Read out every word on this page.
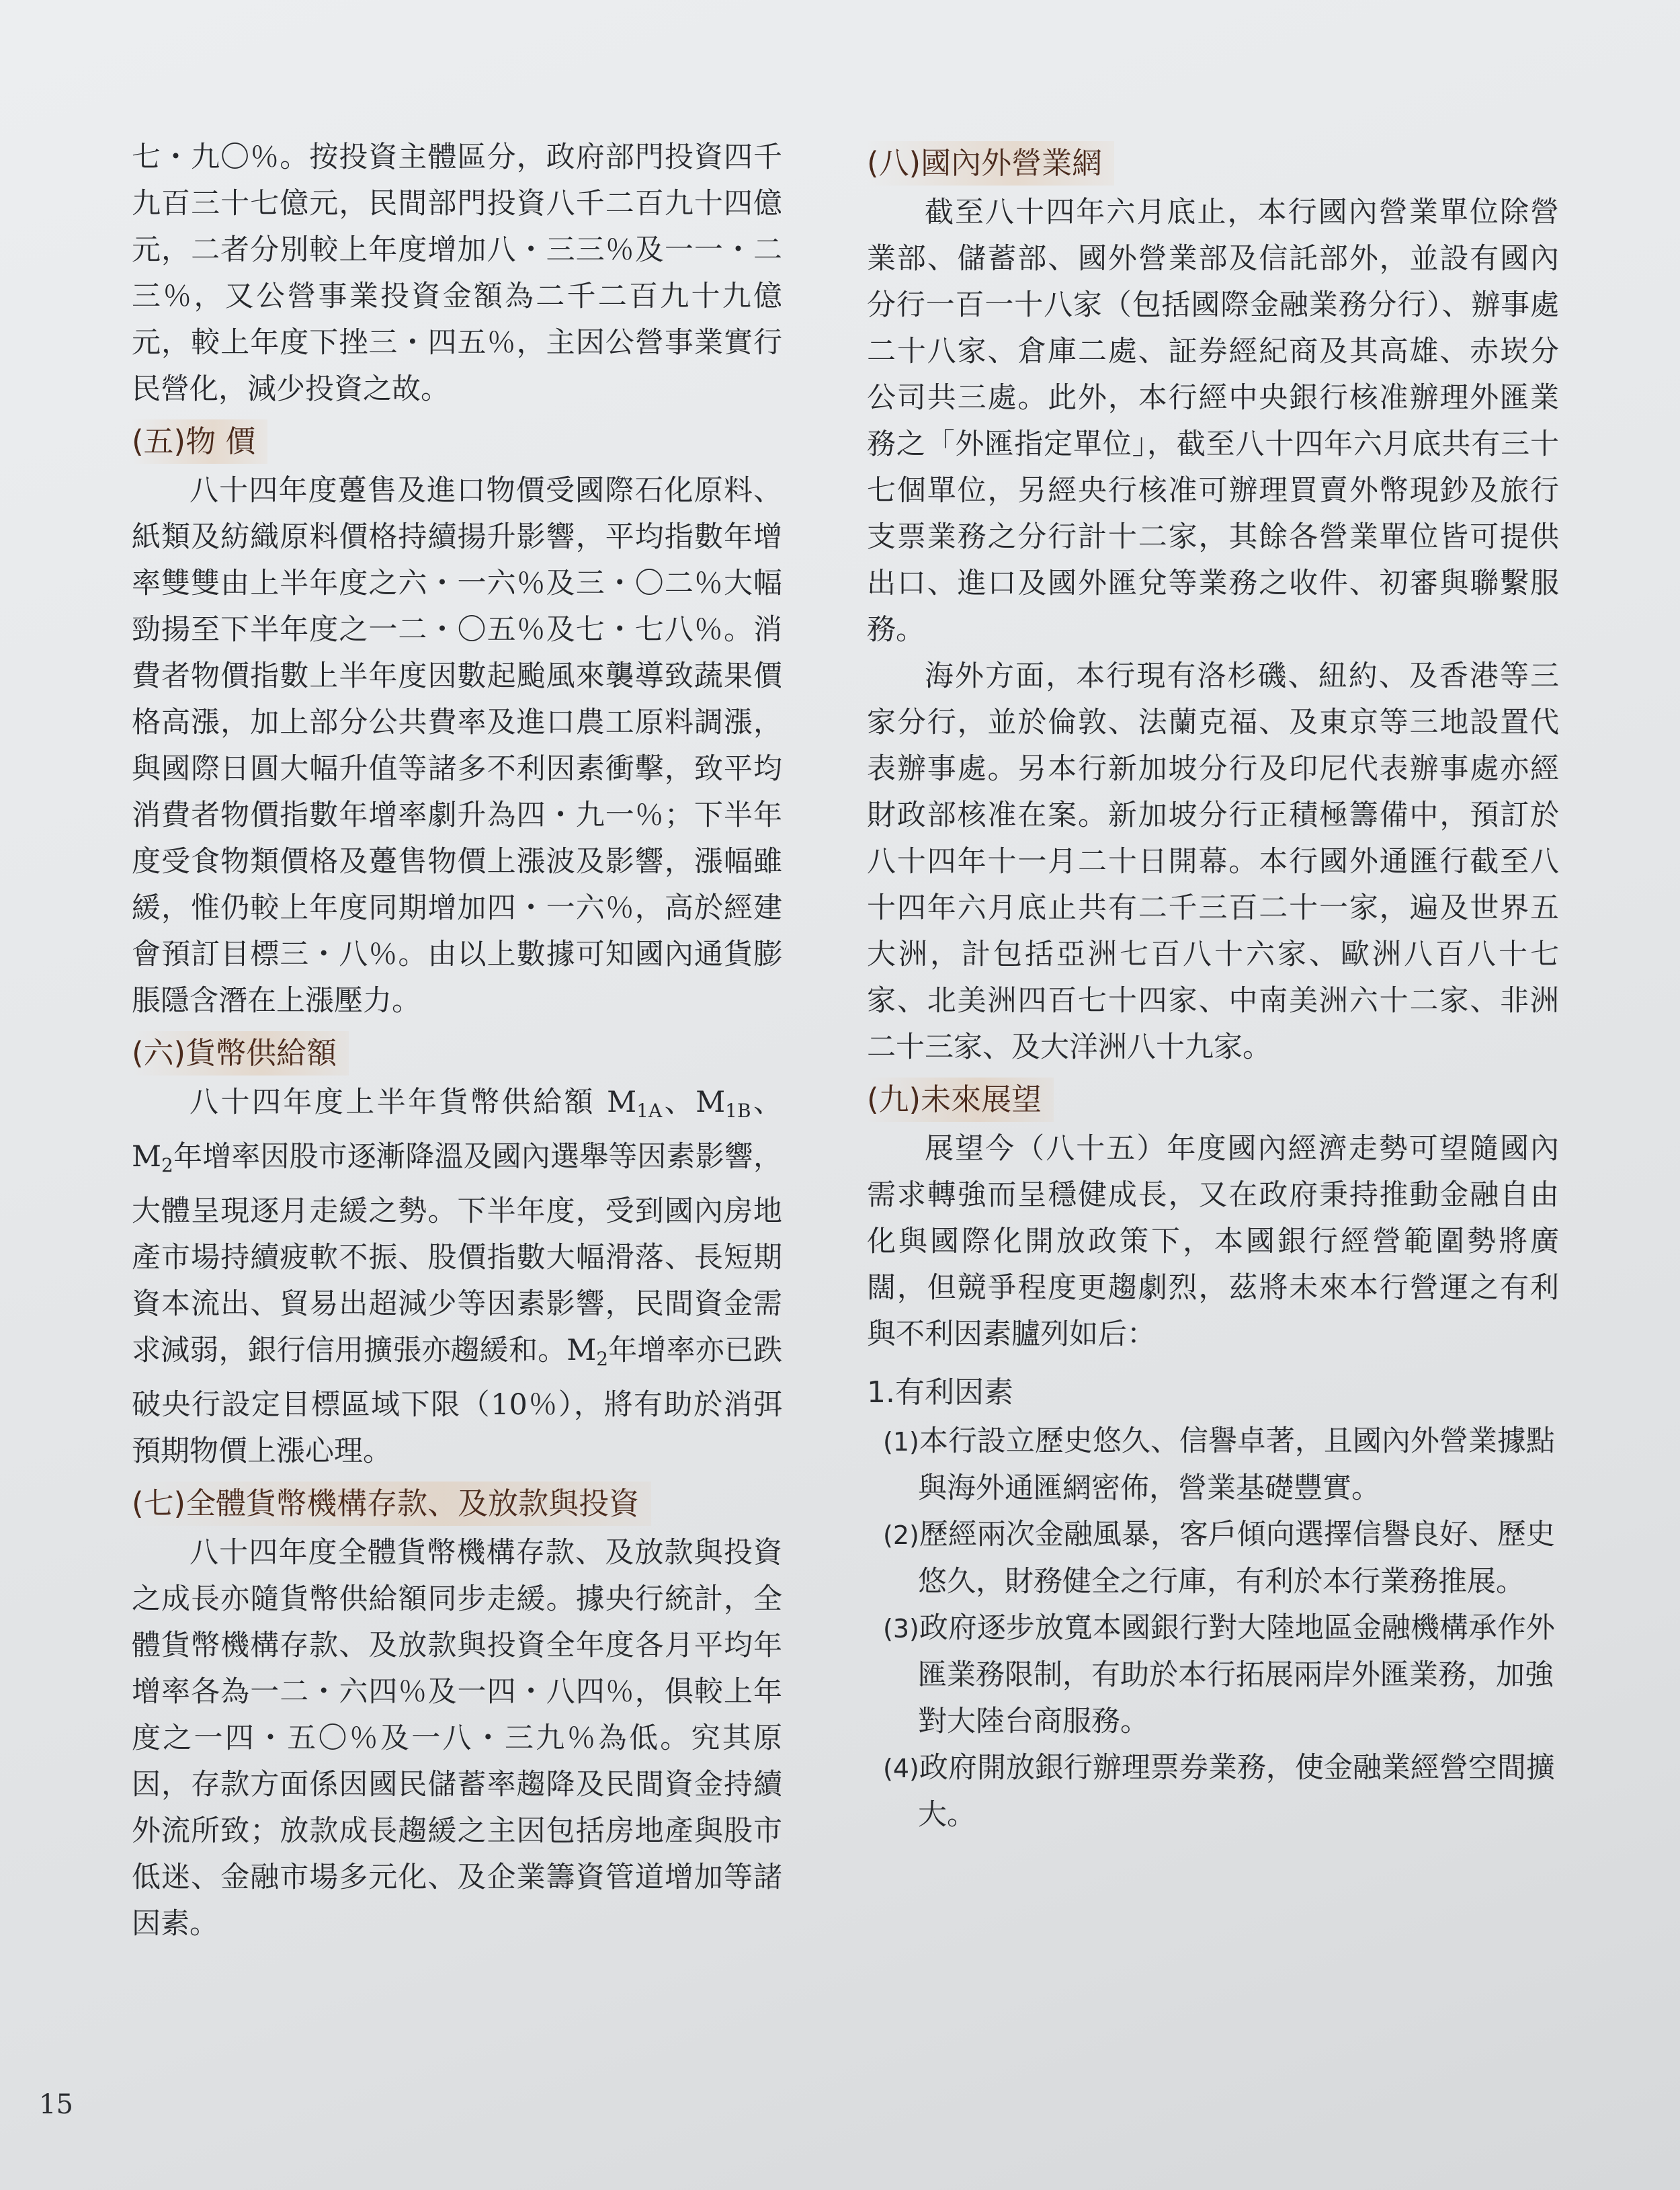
七・九〇％。按投資主體區分，政府部門投資四千九百三十七億元，民間部門投資八千二百九十四億元，二者分別較上年度增加八・三三％及一一・二三％，又公營事業投資金額為二千二百九十九億元，較上年度下挫三・四五％，主因公營事業實行民營化，減少投資之故。

(五)物 價

八十四年度躉售及進口物價受國際石化原料、紙類及紡織原料價格持續揚升影響，平均指數年增率雙雙由上半年度之六・一六％及三・〇二％大幅勁揚至下半年度之一二・〇五％及七・七八％。消費者物價指數上半年度因數起颱風來襲導致蔬果價格高漲，加上部分公共費率及進口農工原料調漲，與國際日圓大幅升值等諸多不利因素衝擊，致平均消費者物價指數年增率劇升為四・九一％；下半年度受食物類價格及躉售物價上漲波及影響，漲幅雖緩，惟仍較上年度同期增加四・一六％，高於經建會預訂目標三・八％。由以上數據可知國內通貨膨脹隱含潛在上漲壓力。

(六)貨幣供給額

八十四年度上半年貨幣供給額 $M_{1A}$、$M_{1B}$、$M_2$年增率因股市逐漸降溫及國內選舉等因素影響，大體呈現逐月走緩之勢。下半年度，受到國內房地產市場持續疲軟不振、股價指數大幅滑落、長短期資本流出、貿易出超減少等因素影響，民間資金需求減弱，銀行信用擴張亦趨緩和。$M_2$年增率亦已跌破央行設定目標區域下限（10％），將有助於消弭預期物價上漲心理。

(七)全體貨幣機構存款、及放款與投資

八十四年度全體貨幣機構存款、及放款與投資之成長亦隨貨幣供給額同步走緩。據央行統計，全體貨幣機構存款、及放款與投資全年度各月平均年增率各為一二・六四％及一四・八四％，俱較上年度之一四・五〇％及一八・三九％為低。究其原因，存款方面係因國民儲蓄率趨降及民間資金持續外流所致；放款成長趨緩之主因包括房地產與股市低迷、金融市場多元化、及企業籌資管道增加等諸因素。

(八)國內外營業網

截至八十四年六月底止，本行國內營業單位除營業部、儲蓄部、國外營業部及信託部外，並設有國內分行一百一十八家（包括國際金融業務分行）、辦事處二十八家、倉庫二處、証券經紀商及其高雄、赤崁分公司共三處。此外，本行經中央銀行核准辦理外匯業務之「外匯指定單位」，截至八十四年六月底共有三十七個單位，另經央行核准可辦理買賣外幣現鈔及旅行支票業務之分行計十二家，其餘各營業單位皆可提供出口、進口及國外匯兌等業務之收件、初審與聯繫服務。

海外方面，本行現有洛杉磯、紐約、及香港等三家分行，並於倫敦、法蘭克福、及東京等三地設置代表辦事處。另本行新加坡分行及印尼代表辦事處亦經財政部核准在案。新加坡分行正積極籌備中，預訂於八十四年十一月二十日開幕。本行國外通匯行截至八十四年六月底止共有二千三百二十一家，遍及世界五大洲，計包括亞洲七百八十六家、歐洲八百八十七家、北美洲四百七十四家、中南美洲六十二家、非洲二十三家、及大洋洲八十九家。

(九)未來展望

展望今（八十五）年度國內經濟走勢可望隨國內需求轉強而呈穩健成長，又在政府秉持推動金融自由化與國際化開放政策下，本國銀行經營範圍勢將廣闊，但競爭程度更趨劇烈，茲將未來本行營運之有利與不利因素臚列如后：

1.有利因素

(1)本行設立歷史悠久、信譽卓著，且國內外營業據點與海外通匯網密佈，營業基礎豐實。

(2)歷經兩次金融風暴，客戶傾向選擇信譽良好、歷史悠久，財務健全之行庫，有利於本行業務推展。

(3)政府逐步放寬本國銀行對大陸地區金融機構承作外匯業務限制，有助於本行拓展兩岸外匯業務，加強對大陸台商服務。

(4)政府開放銀行辦理票券業務，使金融業經營空間擴大。

15
